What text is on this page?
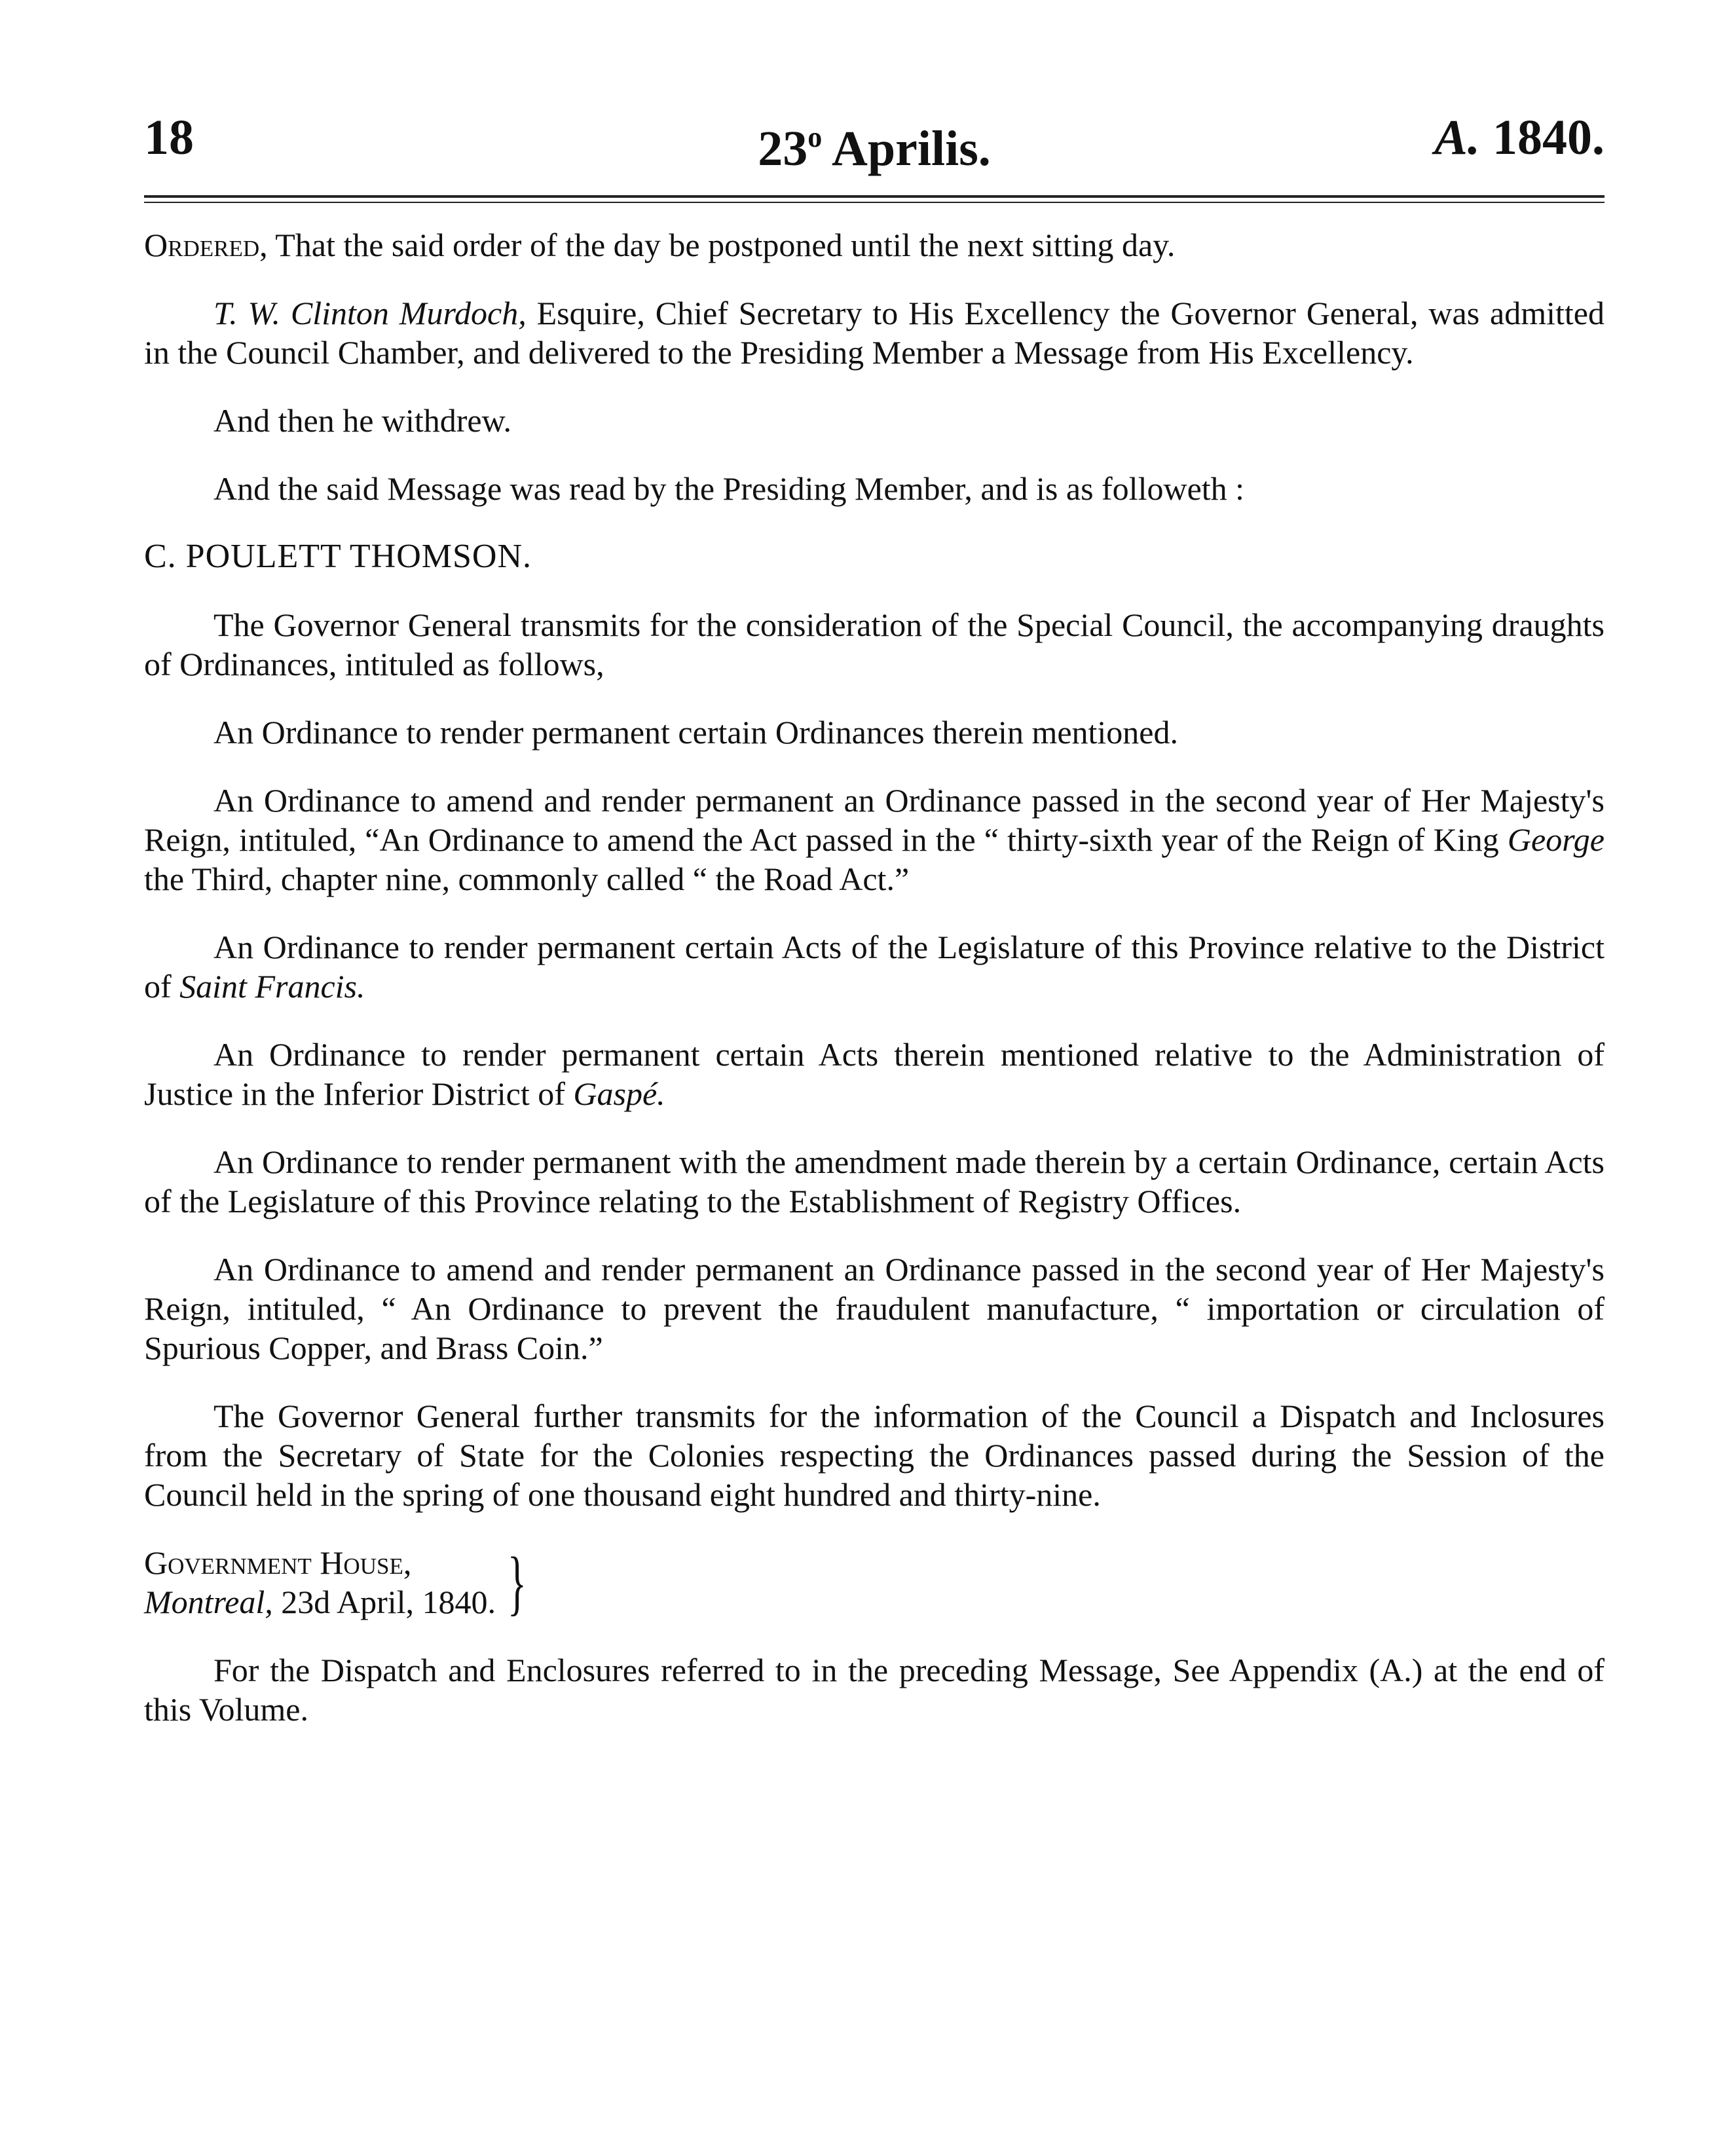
18	23$^o$ Aprilis.	A. 1840.

Ordered, That the said order of the day be postponed until the next sitting day.

T. W. Clinton Murdoch, Esquire, Chief Secretary to His Excellency the Governor General, was admitted in the Council Chamber, and delivered to the Presiding Member a Message from His Excellency.

And then he withdrew.

And the said Message was read by the Presiding Member, and is as followeth :

C. POULETT THOMSON.

The Governor General transmits for the consideration of the Special Council, the accompanying draughts of Ordinances, intituled as follows,

An Ordinance to render permanent certain Ordinances therein mentioned.

An Ordinance to amend and render permanent an Ordinance passed in the second year of Her Majesty's Reign, intituled, “An Ordinance to amend the Act passed in the “ thirty-sixth year of the Reign of King George the Third, chapter nine, commonly called “ the Road Act.”

An Ordinance to render permanent certain Acts of the Legislature of this Province relative to the District of Saint Francis.

An Ordinance to render permanent certain Acts therein mentioned relative to the Administration of Justice in the Inferior District of Gaspé.

An Ordinance to render permanent with the amendment made therein by a certain Ordinance, certain Acts of the Legislature of this Province relating to the Establishment of Registry Offices.

An Ordinance to amend and render permanent an Ordinance passed in the second year of Her Majesty's Reign, intituled, “ An Ordinance to prevent the fraudulent manufacture, “ importation or circulation of Spurious Copper, and Brass Coin.”

The Governor General further transmits for the information of the Council a Dispatch and Inclosures from the Secretary of State for the Colonies respecting the Ordinances passed during the Session of the Council held in the spring of one thousand eight hundred and thirty-nine.

Government House,
Montreal, 23d April, 1840. }

For the Dispatch and Enclosures referred to in the preceding Message, See Appendix (A.) at the end of this Volume.
